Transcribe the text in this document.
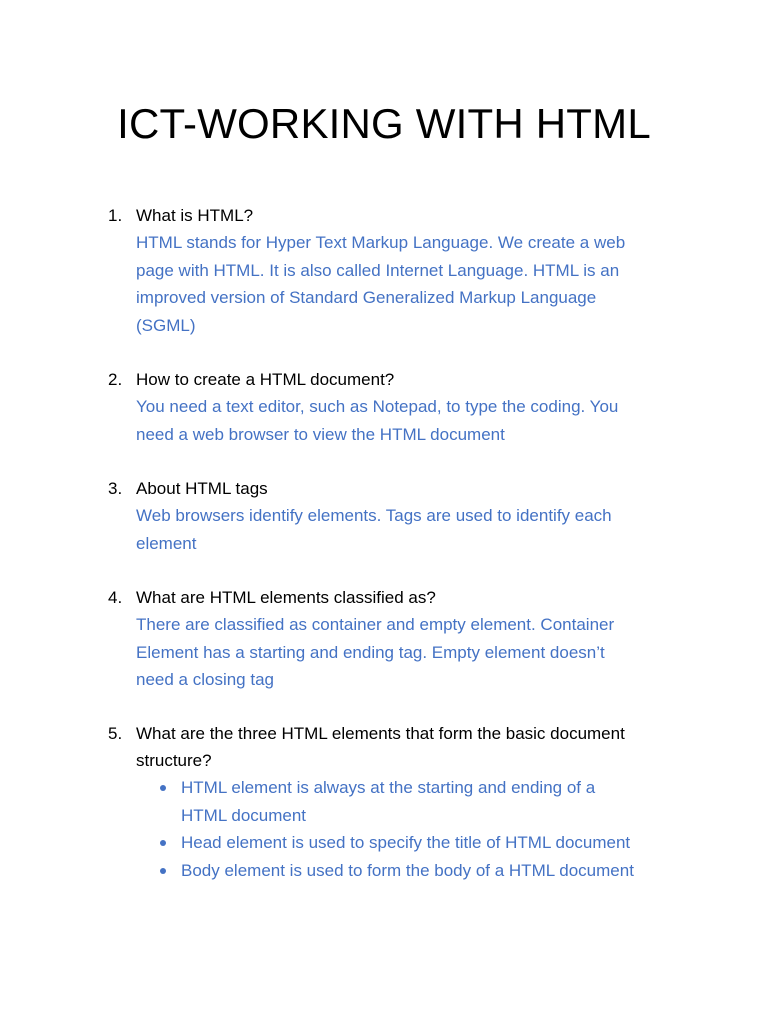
ICT-WORKING WITH HTML
1. What is HTML?
HTML stands for Hyper Text Markup Language. We create a web
page with HTML. It is also called Internet Language. HTML is an
improved version of Standard Generalized Markup Language
(SGML)
2. How to create a HTML document?
You need a text editor, such as Notepad, to type the coding. You
need a web browser to view the HTML document
3. About HTML tags
Web browsers identify elements. Tags are used to identify each
element
4. What are HTML elements classified as?
There are classified as container and empty element. Container
Element has a starting and ending tag. Empty element doesn’t
need a closing tag
5. What are the three HTML elements that form the basic document
structure?
HTML element is always at the starting and ending of a
HTML document
Head element is used to specify the title of HTML document
Body element is used to form the body of a HTML document
